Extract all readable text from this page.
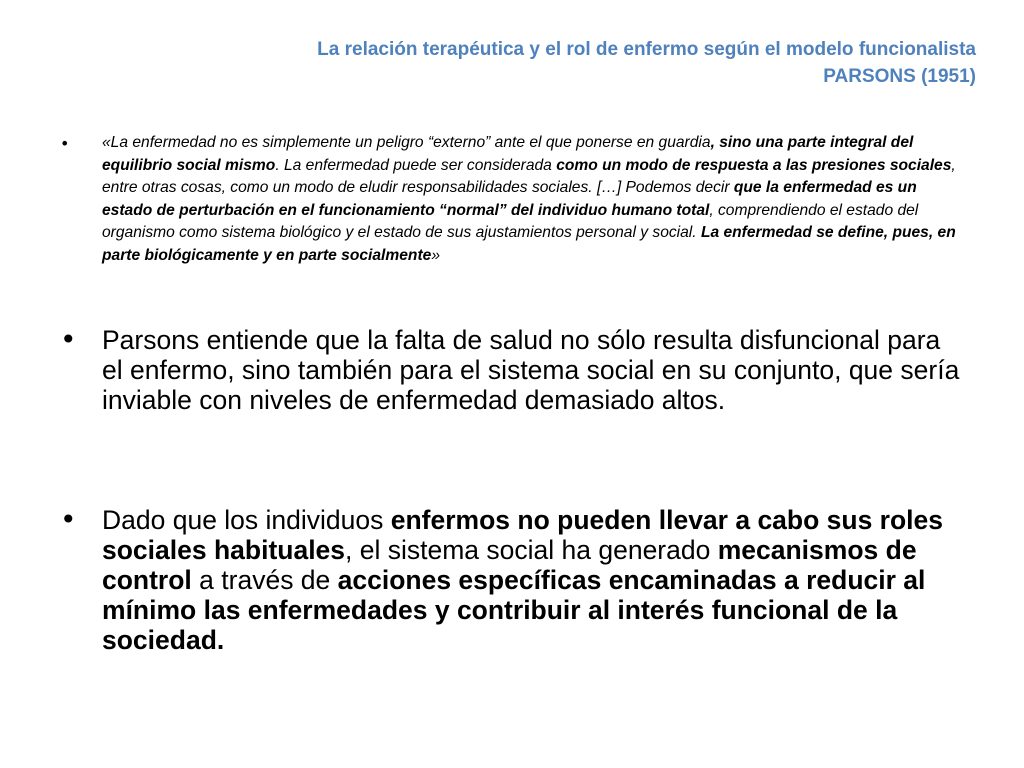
La relación terapéutica y el rol de enfermo según el modelo funcionalista
PARSONS (1951)
• «La enfermedad no es simplemente un peligro “externo” ante el que ponerse en guardia, sino una parte integral del equilibrio social mismo. La enfermedad puede ser considerada como un modo de respuesta a las presiones sociales, entre otras cosas, como un modo de eludir responsabilidades sociales. […] Podemos decir que la enfermedad es un estado de perturbación en el funcionamiento “normal” del individuo humano total, comprendiendo el estado del organismo como sistema biológico y el estado de sus ajustamientos personal y social. La enfermedad se define, pues, en parte biológicamente y en parte socialmente»
• Parsons entiende que la falta de salud no sólo resulta disfuncional para el enfermo, sino también para el sistema social en su conjunto, que sería inviable con niveles de enfermedad demasiado altos.
• Dado que los individuos enfermos no pueden llevar a cabo sus roles sociales habituales, el sistema social ha generado mecanismos de control a través de acciones específicas encaminadas a reducir al mínimo las enfermedades y contribuir al interés funcional de la sociedad.
